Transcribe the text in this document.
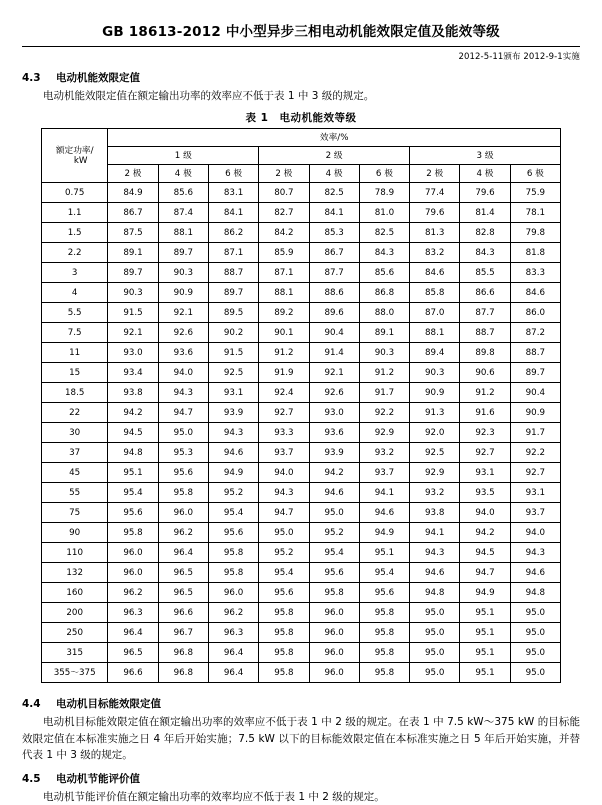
GB 18613-2012 中小型异步三相电动机能效限定值及能效等级
2012-5-11颁布 2012-9-1实施
4.3 电动机能效限定值

电动机能效限定值在额定输出功率的效率应不低于表 1 中 3 级的规定。

表 1　电动机能效等级
额定功率/
kW	效率/%								
	1 级			2 级			3 级		
	2 极	4 极	6 极	2 极	4 极	6 极	2 极	4 极	6 极
0.75	84.9	85.6	83.1	80.7	82.5	78.9	77.4	79.6	75.9
1.1	86.7	87.4	84.1	82.7	84.1	81.0	79.6	81.4	78.1
1.5	87.5	88.1	86.2	84.2	85.3	82.5	81.3	82.8	79.8
2.2	89.1	89.7	87.1	85.9	86.7	84.3	83.2	84.3	81.8
3	89.7	90.3	88.7	87.1	87.7	85.6	84.6	85.5	83.3
4	90.3	90.9	89.7	88.1	88.6	86.8	85.8	86.6	84.6
5.5	91.5	92.1	89.5	89.2	89.6	88.0	87.0	87.7	86.0
7.5	92.1	92.6	90.2	90.1	90.4	89.1	88.1	88.7	87.2
11	93.0	93.6	91.5	91.2	91.4	90.3	89.4	89.8	88.7
15	93.4	94.0	92.5	91.9	92.1	91.2	90.3	90.6	89.7
18.5	93.8	94.3	93.1	92.4	92.6	91.7	90.9	91.2	90.4
22	94.2	94.7	93.9	92.7	93.0	92.2	91.3	91.6	90.9
30	94.5	95.0	94.3	93.3	93.6	92.9	92.0	92.3	91.7
37	94.8	95.3	94.6	93.7	93.9	93.2	92.5	92.7	92.2
45	95.1	95.6	94.9	94.0	94.2	93.7	92.9	93.1	92.7
55	95.4	95.8	95.2	94.3	94.6	94.1	93.2	93.5	93.1
75	95.6	96.0	95.4	94.7	95.0	94.6	93.8	94.0	93.7
90	95.8	96.2	95.6	95.0	95.2	94.9	94.1	94.2	94.0
110	96.0	96.4	95.8	95.2	95.4	95.1	94.3	94.5	94.3
132	96.0	96.5	95.8	95.4	95.6	95.4	94.6	94.7	94.6
160	96.2	96.5	96.0	95.6	95.8	95.6	94.8	94.9	94.8
200	96.3	96.6	96.2	95.8	96.0	95.8	95.0	95.1	95.0
250	96.4	96.7	96.3	95.8	96.0	95.8	95.0	95.1	95.0
315	96.5	96.8	96.4	95.8	96.0	95.8	95.0	95.1	95.0
355～375	96.6	96.8	96.4	95.8	96.0	95.8	95.0	95.1	95.0
4.4 电动机目标能效限定值

电动机目标能效限定值在额定输出功率的效率应不低于表 1 中 2 级的规定。在表 1 中 7.5 kW～375 kW 的目标能效限定值在本标准实施之日 4 年后开始实施；7.5 kW 以下的目标能效限定值在本标准实施之日 5 年后开始实施，并替代表 1 中 3 级的规定。

4.5 电动机节能评价值

电动机节能评价值在额定输出功率的效率均应不低于表 1 中 2 级的规定。
